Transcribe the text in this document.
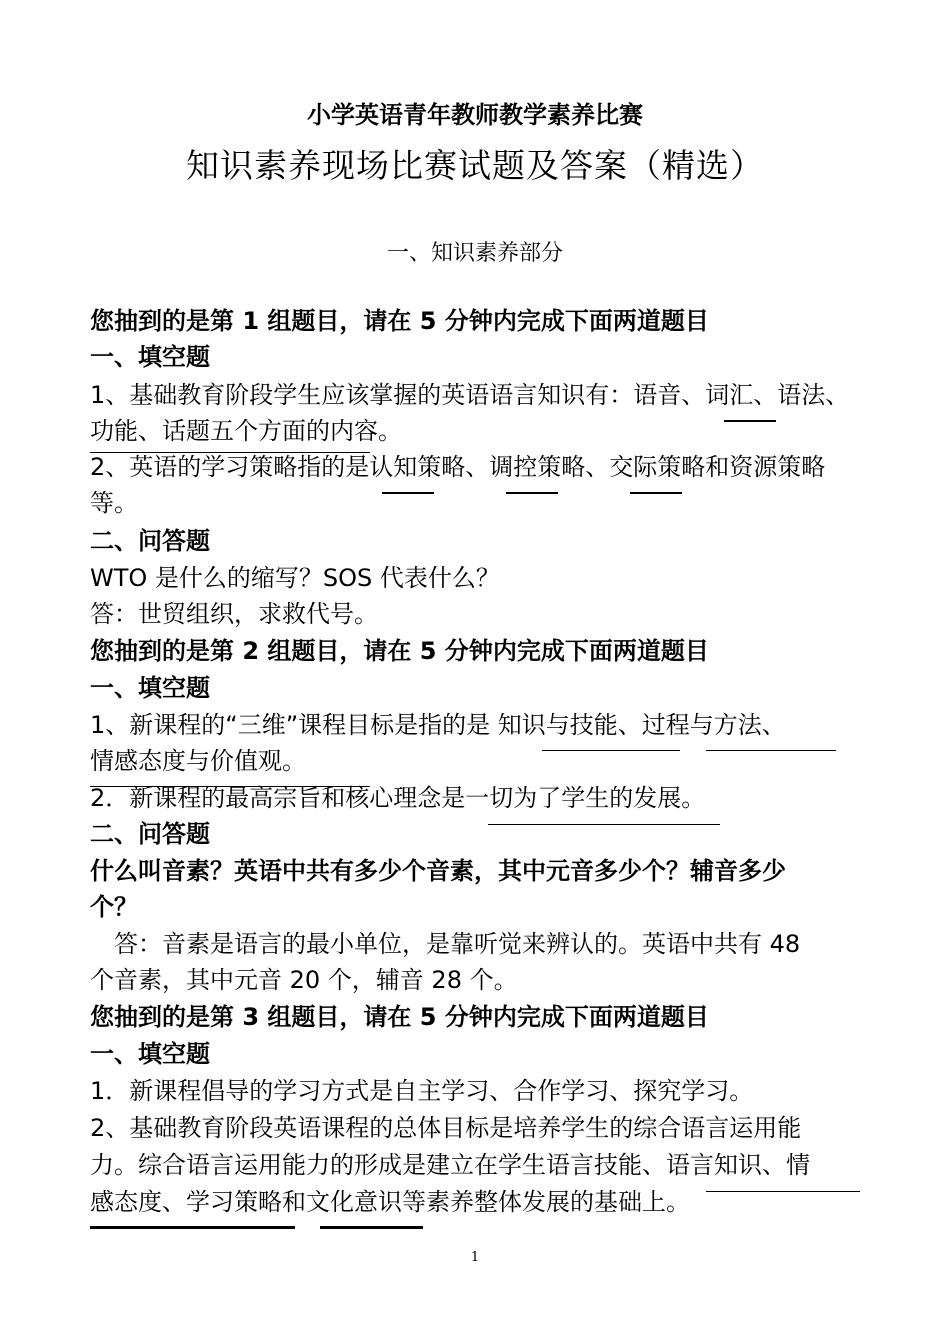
小学英语青年教师教学素养比赛
知识素养现场比赛试题及答案（精选）
一、知识素养部分
您抽到的是第 1 组题目，请在 5 分钟内完成下面两道题目
一、填空题
1、基础教育阶段学生应该掌握的英语语言知识有：语音、词汇、语法、
功能、话题五个方面的内容。
2、英语的学习策略指的是认知策略、调控策略、交际策略和资源策略
等。
二、问答题
WTO 是什么的缩写？SOS 代表什么？
答：世贸组织，求救代号。
您抽到的是第 2 组题目，请在 5 分钟内完成下面两道题目
一、填空题
1、新课程的“三维”课程目标是指的是 知识与技能、过程与方法、
情感态度与价值观。
2．新课程的最高宗旨和核心理念是一切为了学生的发展。
二、问答题
什么叫音素？英语中共有多少个音素，其中元音多少个？辅音多少
个？
答：音素是语言的最小单位，是靠听觉来辨认的。英语中共有 48
个音素，其中元音 20 个，辅音 28 个。
您抽到的是第 3 组题目，请在 5 分钟内完成下面两道题目
一、填空题
1．新课程倡导的学习方式是自主学习、合作学习、探究学习。
2、基础教育阶段英语课程的总体目标是培养学生的综合语言运用能
力。综合语言运用能力的形成是建立在学生语言技能、语言知识、情
感态度、学习策略和文化意识等素养整体发展的基础上。
1
